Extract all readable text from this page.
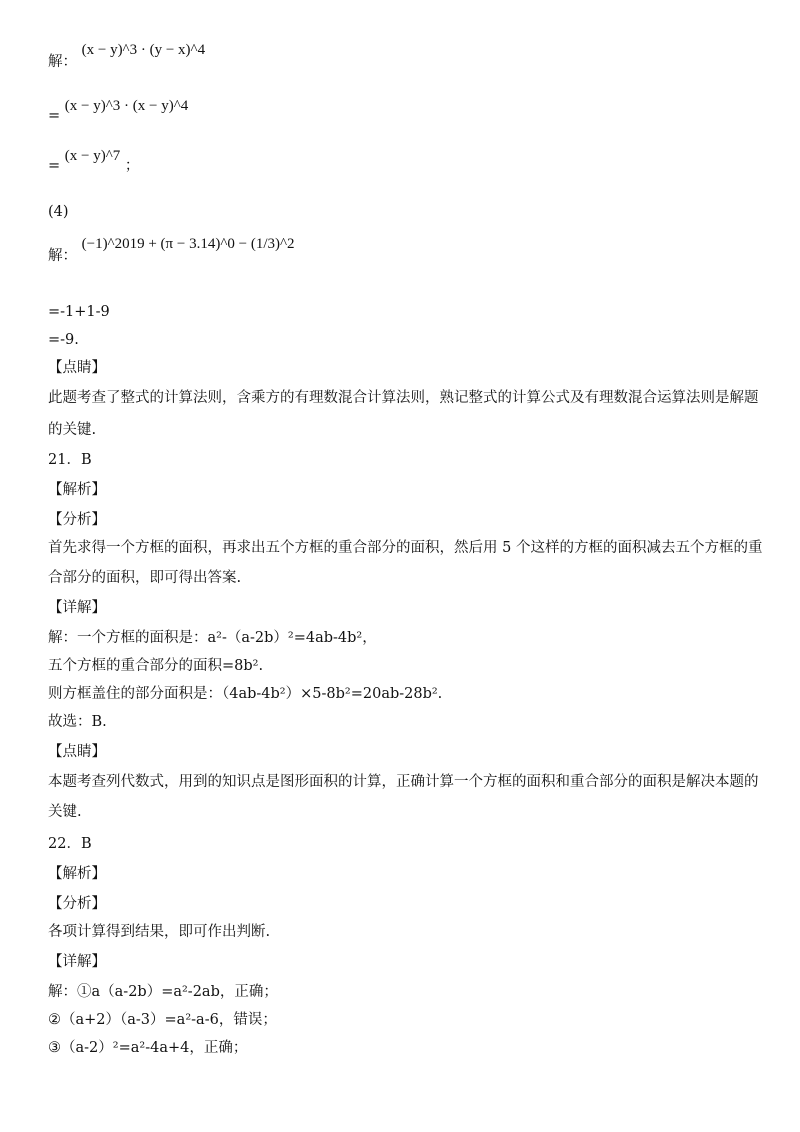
解： (x − y)^3 · (y − x)^4
= (x − y)^3 · (x − y)^4
= (x − y)^7 ；
(4)
解： (−1)^2019 + (π − 3.14)^0 − (1/3)^2
=-1+1-9
=-9.
【点睛】
此题考查了整式的计算法则，含乘方的有理数混合计算法则，熟记整式的计算公式及有理数混合运算法则是解题
的关键.
21．B
【解析】
【分析】
首先求得一个方框的面积，再求出五个方框的重合部分的面积，然后用 5 个这样的方框的面积减去五个方框的重
合部分的面积，即可得出答案.
【详解】
解：一个方框的面积是：a²-（a-2b）²=4ab-4b²，
五个方框的重合部分的面积=8b².
则方框盖住的部分面积是：（4ab-4b²）×5-8b²=20ab-28b².
故选：B.
【点睛】
本题考查列代数式，用到的知识点是图形面积的计算，正确计算一个方框的面积和重合部分的面积是解决本题的
关键.
22．B
【解析】
【分析】
各项计算得到结果，即可作出判断.
【详解】
解：①a（a-2b）=a²-2ab，正确；
②（a+2）（a-3）=a²-a-6，错误；
③（a-2）²=a²-4a+4，正确；
